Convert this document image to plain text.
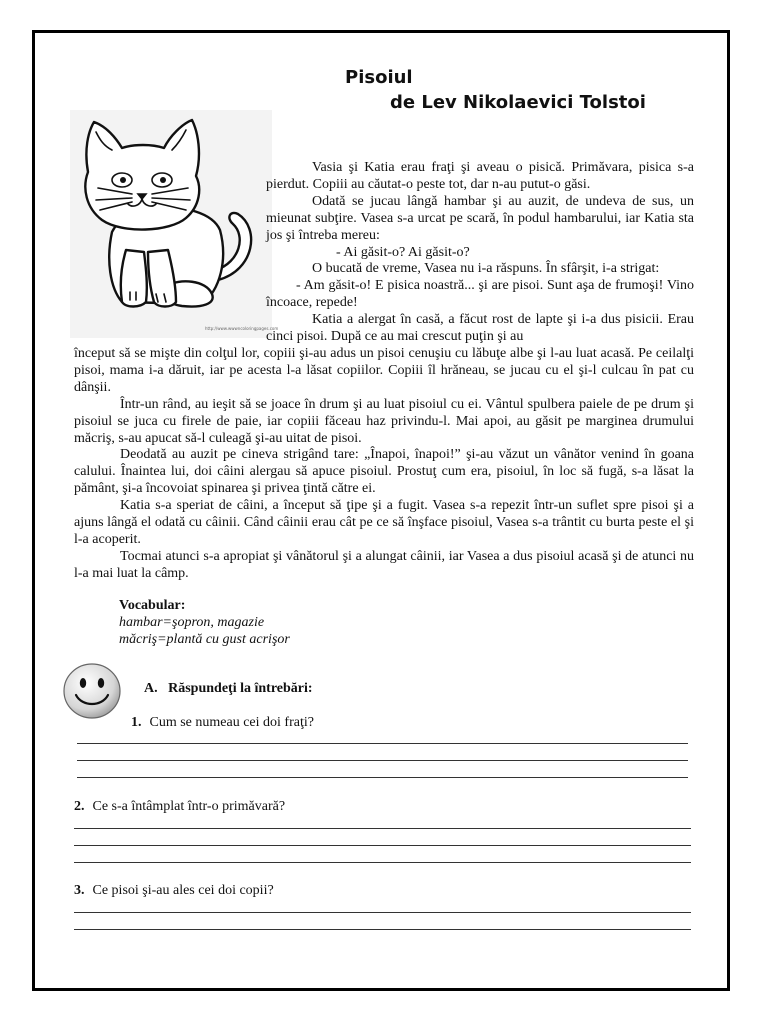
Pisoiul
de Lev Nikolaevici Tolstoi
http://www.wwwncoloringpages.com

Vasia şi Katia erau fraţi şi aveau o pisică. Primăvara, pisica s-a pierdut. Copiii au căutat-o peste tot, dar n-au putut-o găsi.

Odată se jucau lângă hambar şi au auzit, de undeva de sus, un mieunat subţire. Vasea s-a urcat pe scară, în podul hambarului, iar Katia sta jos şi întreba mereu:

- Ai găsit-o? Ai găsit-o?

O bucată de vreme, Vasea nu i-a răspuns. În sfârşit, i-a strigat:

- Am găsit-o! E pisica noastră... şi are pisoi. Sunt aşa de frumoşi! Vino încoace, repede!

Katia a alergat în casă, a făcut rost de lapte şi i-a dus pisicii. Erau cinci pisoi. După ce au mai crescut puţin şi au

început să se mişte din colţul lor, copiii şi-au adus un pisoi cenuşiu cu lăbuţe albe şi l-au luat acasă. Pe ceilalţi pisoi, mama i-a dăruit, iar pe acesta l-a lăsat copiilor. Copiii îl hrăneau, se jucau cu el şi-l culcau în pat cu dânşii.

Într-un rând, au ieşit să se joace în drum şi au luat pisoiul cu ei. Vântul spulbera paiele de pe drum şi pisoiul se juca cu firele de paie, iar copiii făceau haz privindu-l. Mai apoi, au găsit pe marginea drumului măcriş, s-au apucat să-l culeagă şi-au uitat de pisoi.

Deodată au auzit pe cineva strigând tare: „Înapoi, înapoi!” şi-au văzut un vânător venind în goana calului. Înaintea lui, doi câini alergau să apuce pisoiul. Prostuţ cum era, pisoiul, în loc să fugă, s-a lăsat la pământ, şi-a încovoiat spinarea şi privea ţintă către ei.

Katia s-a speriat de câini, a început să ţipe şi a fugit. Vasea s-a repezit într-un suflet spre pisoi şi a ajuns lângă el odată cu câinii. Când câinii erau cât pe ce să înşface pisoiul, Vasea s-a trântit cu burta peste el şi l-a acoperit.

Tocmai atunci s-a apropiat şi vânătorul şi a alungat câinii, iar Vasea a dus pisoiul acasă şi de atunci nu l-a mai luat la câmp.

Vocabular:
hambar=şopron, magazie
măcriş=plantă cu gust acrişor
A. Răspundeţi la întrebări:
1. Cum se numeau cei doi fraţi?
2. Ce s-a întâmplat într-o primăvară?
3. Ce pisoi şi-au ales cei doi copii?
